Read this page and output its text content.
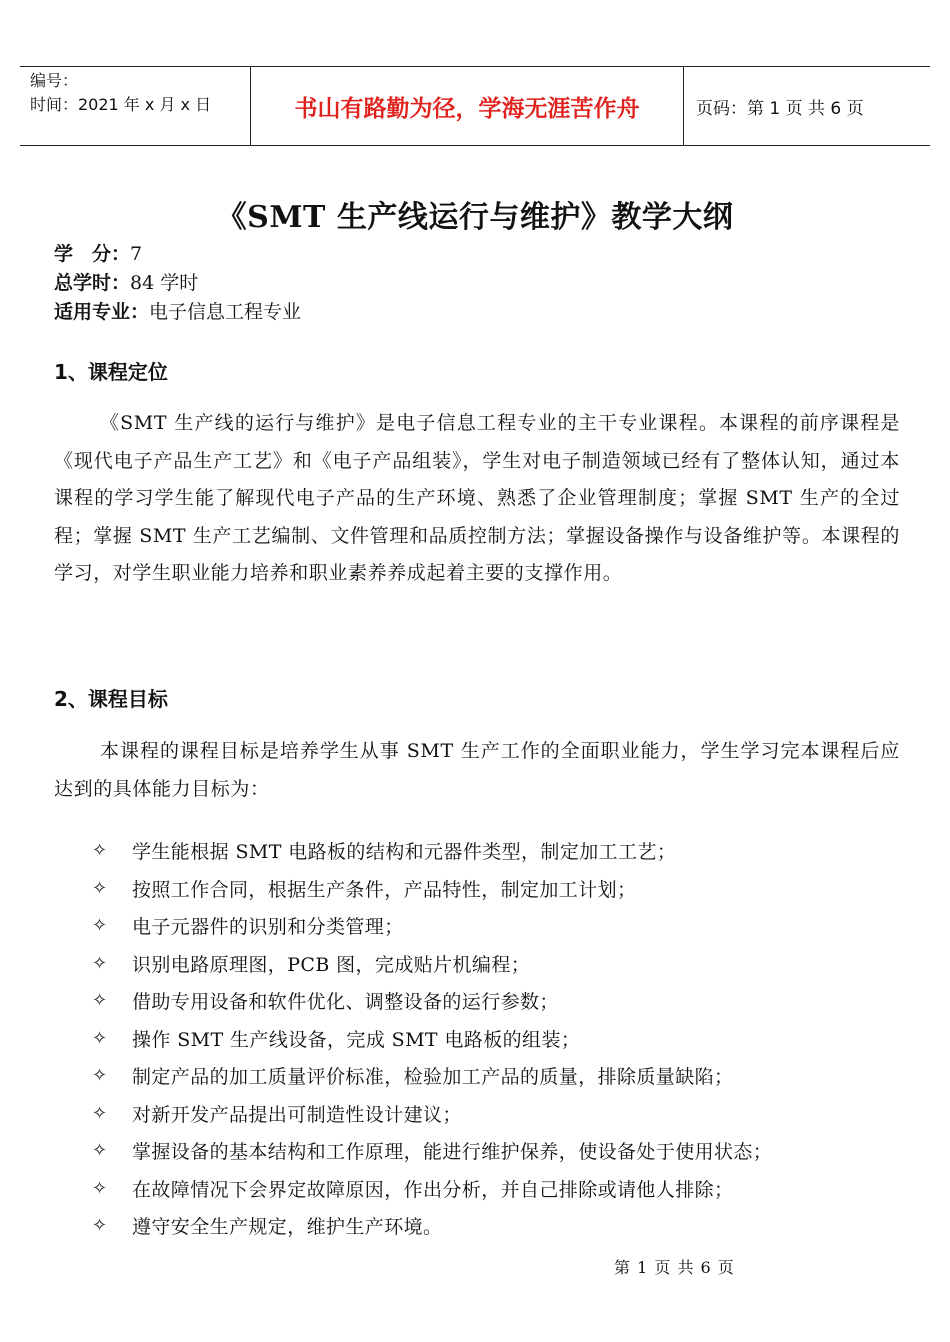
编号：
时间：2021 年 x 月 x 日	书山有路勤为径，学海无涯苦作舟	页码：第 1 页 共 6 页
《SMT 生产线运行与维护》教学大纲
学　分：7
总学时：84 学时
适用专业：电子信息工程专业
1、课程定位
《SMT 生产线的运行与维护》是电子信息工程专业的主干专业课程。本课程的前序课程是《现代电子产品生产工艺》和《电子产品组装》，学生对电子制造领域已经有了整体认知，通过本课程的学习学生能了解现代电子产品的生产环境、熟悉了企业管理制度；掌握 SMT 生产的全过程；掌握 SMT 生产工艺编制、文件管理和品质控制方法；掌握设备操作与设备维护等。本课程的学习，对学生职业能力培养和职业素养养成起着主要的支撑作用。
2、课程目标
本课程的课程目标是培养学生从事 SMT 生产工作的全面职业能力，学生学习完本课程后应达到的具体能力目标为：
✧	学生能根据 SMT 电路板的结构和元器件类型，制定加工工艺；
✧	按照工作合同，根据生产条件，产品特性，制定加工计划；
✧	电子元器件的识别和分类管理；
✧	识别电路原理图，PCB 图，完成贴片机编程；
✧	借助专用设备和软件优化、调整设备的运行参数；
✧	操作 SMT 生产线设备，完成 SMT 电路板的组装；
✧	制定产品的加工质量评价标准，检验加工产品的质量，排除质量缺陷；
✧	对新开发产品提出可制造性设计建议；
✧	掌握设备的基本结构和工作原理，能进行维护保养，使设备处于使用状态；
✧	在故障情况下会界定故障原因，作出分析，并自己排除或请他人排除；
✧	遵守安全生产规定，维护生产环境。
第 1 页 共 6 页
